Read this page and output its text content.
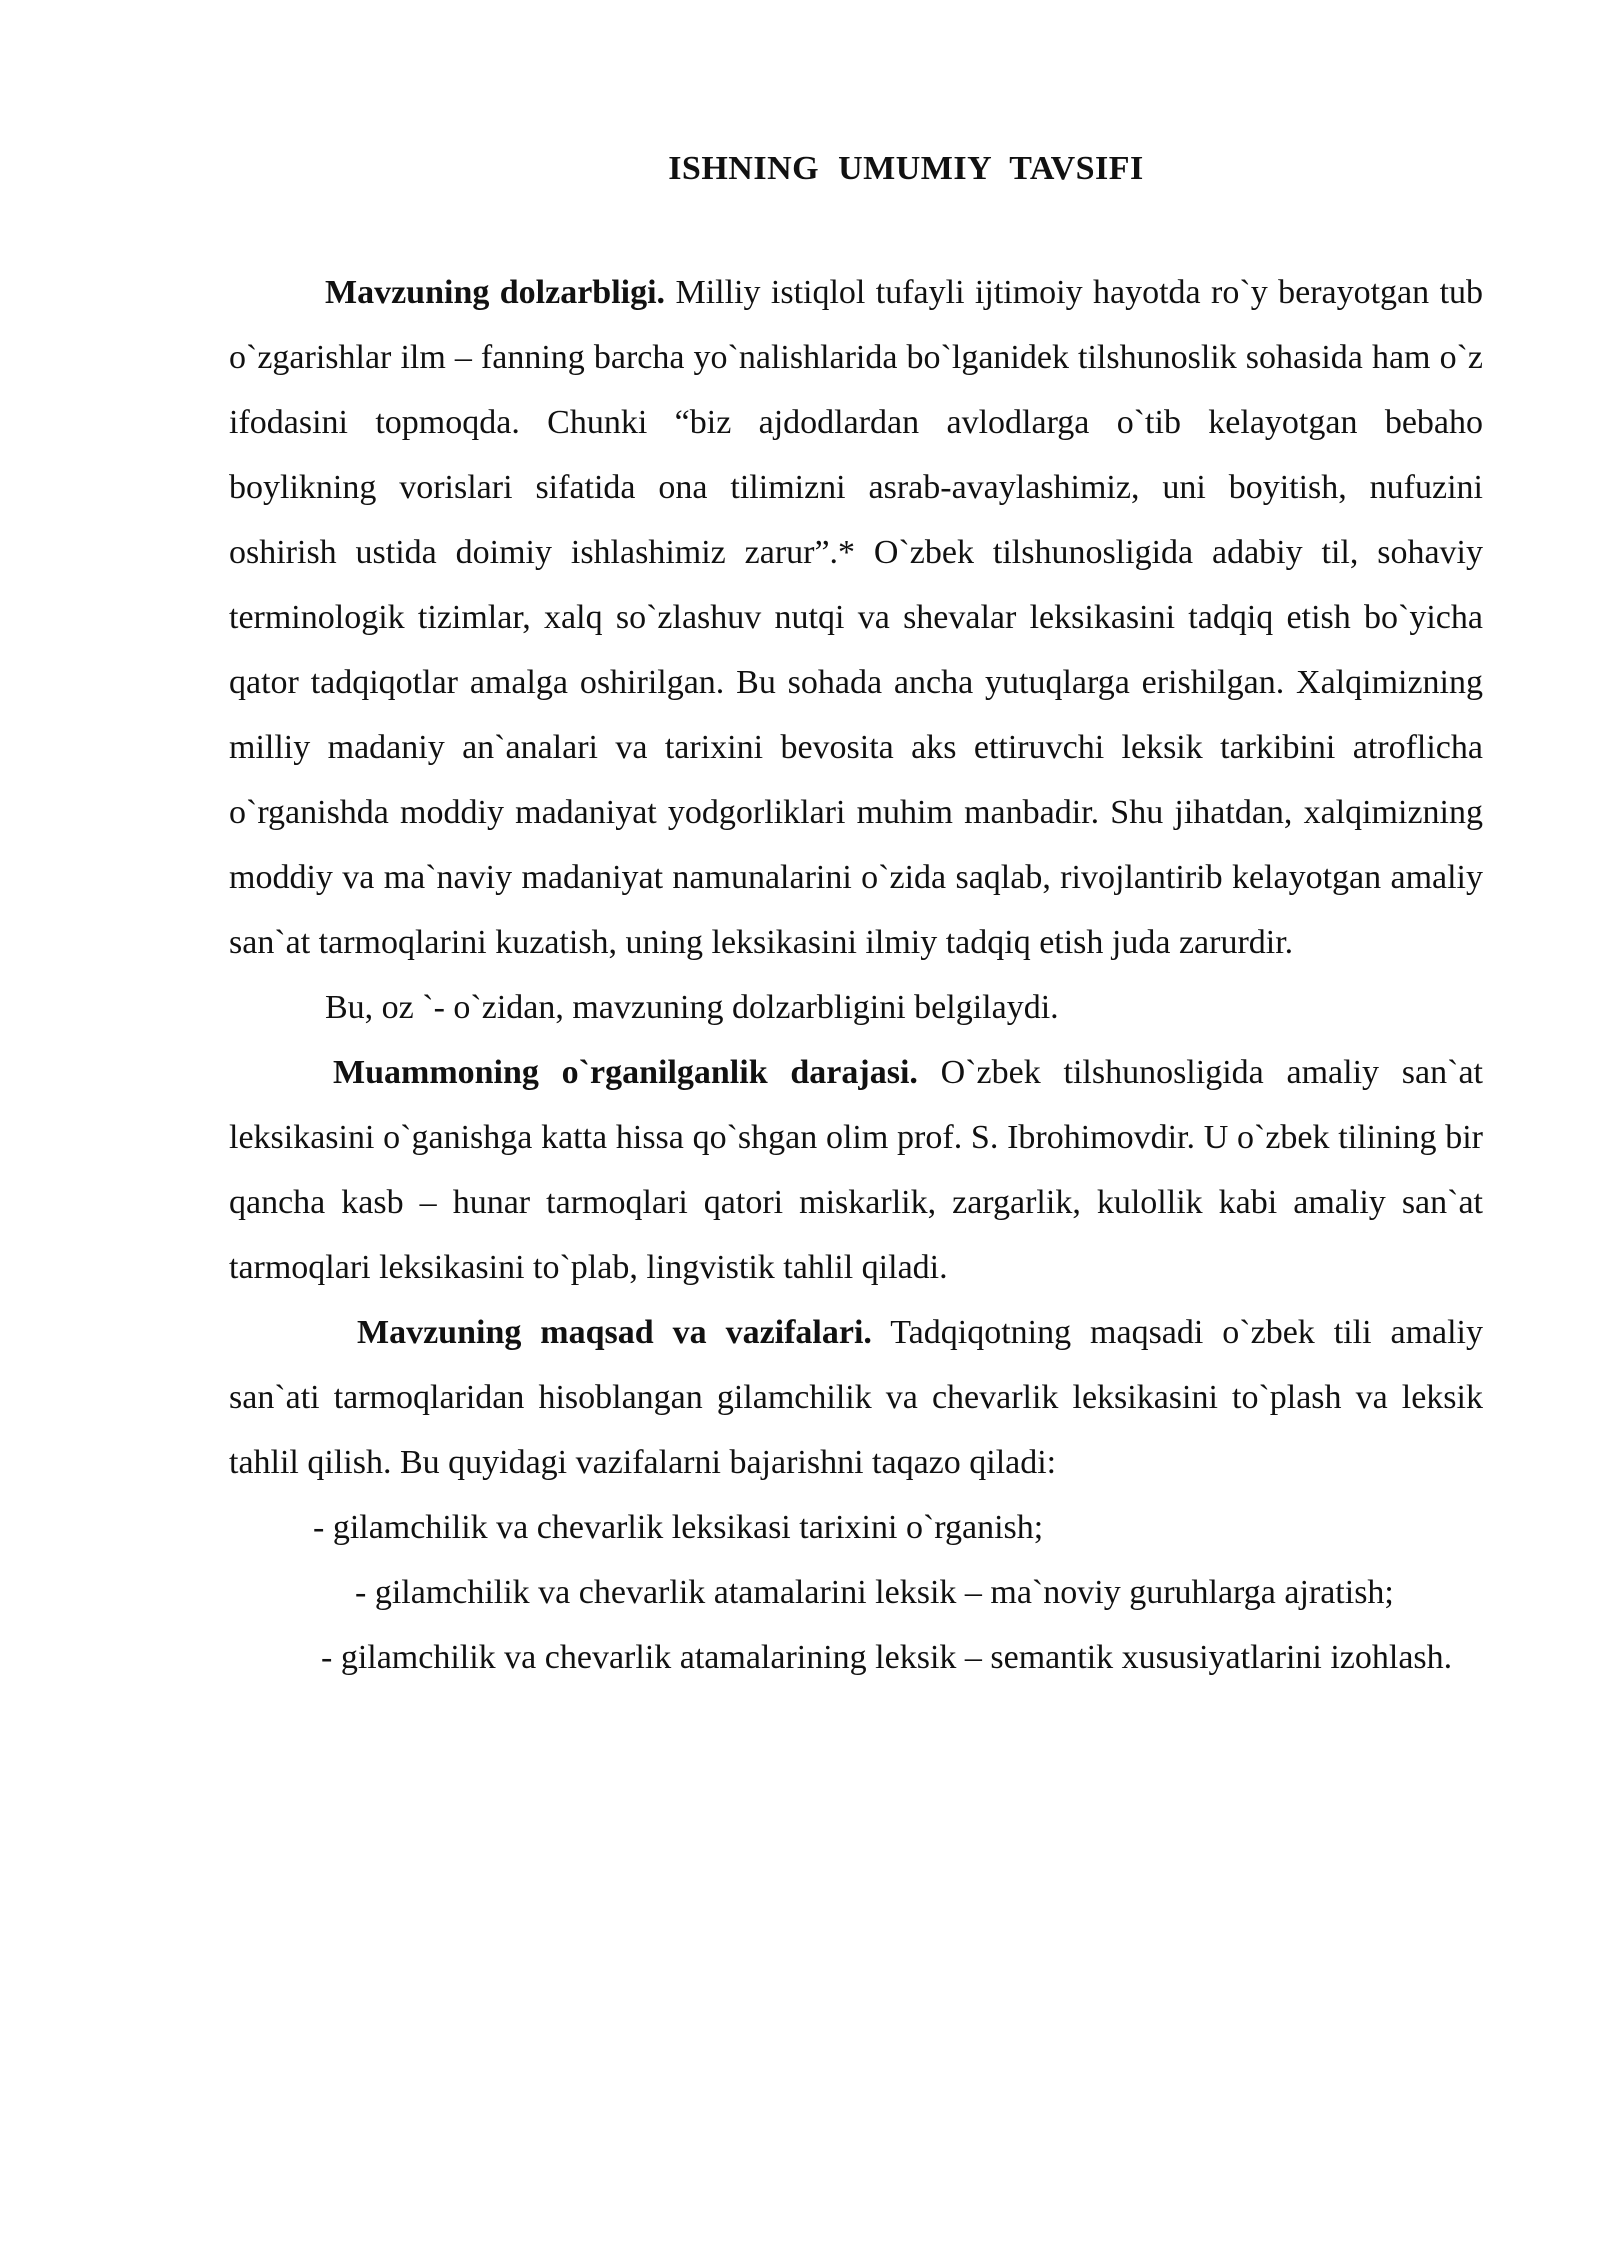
ISHNING UMUMIY TAVSIFI

Mavzuning dolzarbligi. Milliy istiqlol tufayli ijtimoiy hayotda ro`y berayotgan tub o`zgarishlar ilm – fanning barcha yo`nalishlarida bo`lganidek tilshunoslik sohasida ham o`z ifodasini topmoqda. Chunki “biz ajdodlardan avlodlarga o`tib kelayotgan bebaho boylikning vorislari sifatida ona tilimizni asrab-avaylashimiz, uni boyitish, nufuzini oshirish ustida doimiy ishlashimiz zarur”.* O`zbek tilshunosligida adabiy til, sohaviy terminologik tizimlar, xalq so`zlashuv nutqi va shevalar leksikasini tadqiq etish bo`yicha qator tadqiqotlar amalga oshirilgan. Bu sohada ancha yutuqlarga erishilgan. Xalqimizning milliy madaniy an`analari va tarixini bevosita aks ettiruvchi leksik tarkibini atroflicha o`rganishda moddiy madaniyat yodgorliklari muhim manbadir. Shu jihatdan, xalqimizning moddiy va ma`naviy madaniyat namunalarini o`zida saqlab, rivojlantirib kelayotgan amaliy san`at tarmoqlarini kuzatish, uning leksikasini ilmiy tadqiq etish juda zarurdir.

Bu, oz `- o`zidan, mavzuning dolzarbligini belgilaydi.

Muammoning o`rganilganlik darajasi. O`zbek tilshunosligida amaliy san`at leksikasini o`ganishga katta hissa qo`shgan olim prof. S. Ibrohimovdir. U o`zbek tilining bir qancha kasb – hunar tarmoqlari qatori miskarlik, zargarlik, kulollik kabi amaliy san`at tarmoqlari leksikasini to`plab, lingvistik tahlil qiladi.

Mavzuning maqsad va vazifalari. Tadqiqotning maqsadi o`zbek tili amaliy san`ati tarmoqlaridan hisoblangan gilamchilik va chevarlik leksikasini to`plash va leksik tahlil qilish. Bu quyidagi vazifalarni bajarishni taqazo qiladi:

- gilamchilik va chevarlik leksikasi tarixini o`rganish;

- gilamchilik va chevarlik atamalarini leksik – ma`noviy guruhlarga ajratish;

- gilamchilik va chevarlik atamalarining leksik – semantik xususiyatlarini izohlash.
